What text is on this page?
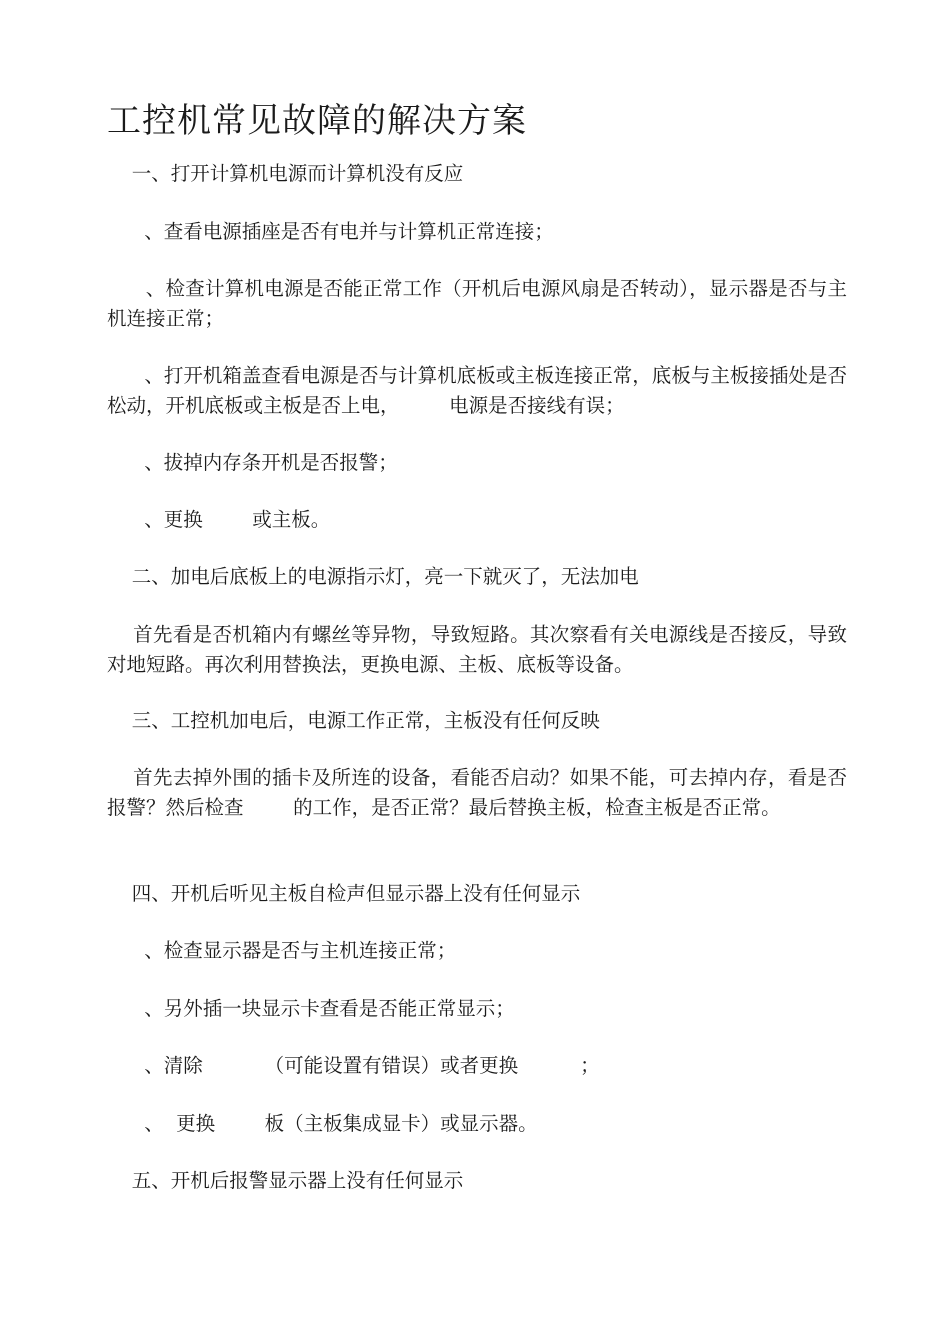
工控机常见故障的解决方案
一、打开计算机电源而计算机没有反应
、查看电源插座是否有电并与计算机正常连接；
、检查计算机电源是否能正常工作（开机后电源风扇是否转动），显示器是否与主机连接正常；
、打开机箱盖查看电源是否与计算机底板或主板连接正常，底板与主板接插处是否松动，开机底板或主板是否上电，        电源是否接线有误；
、拔掉内存条开机是否报警；
、更换        或主板。
二、加电后底板上的电源指示灯，亮一下就灭了，无法加电
首先看是否机箱内有螺丝等异物，导致短路。其次察看有关电源线是否接反，导致对地短路。再次利用替换法，更换电源、主板、底板等设备。
三、工控机加电后，电源工作正常，主板没有任何反映
首先去掉外围的插卡及所连的设备，看能否启动？如果不能，可去掉内存，看是否报警？然后检查        的工作，是否正常？最后替换主板，检查主板是否正常。
四、开机后听见主板自检声但显示器上没有任何显示
、检查显示器是否与主机连接正常；
、另外插一块显示卡查看是否能正常显示；
、清除          （可能设置有错误）或者更换          ；
、  更换        板（主板集成显卡）或显示器。
五、开机后报警显示器上没有任何显示
